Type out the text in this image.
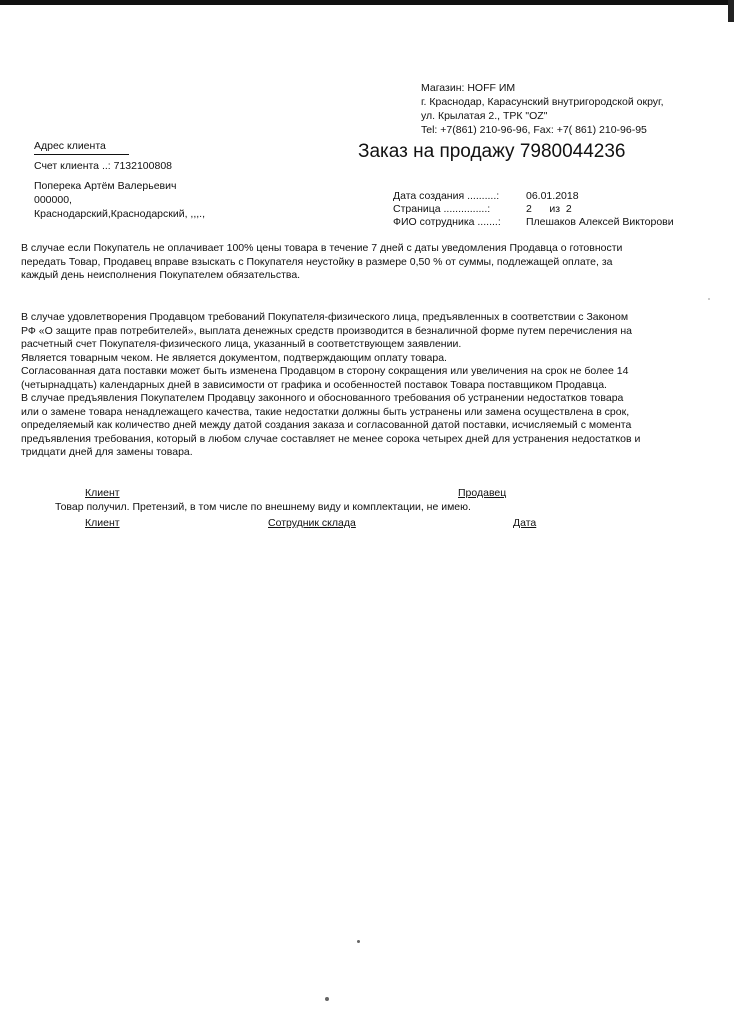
Магазин: HOFF ИМ
г. Краснодар, Карасунский внутригородской округ,
ул. Крылатая 2., ТРК "OZ"
Tel: +7(861) 210-96-96, Fax: +7( 861) 210-96-95
Адрес клиента	Заказ на продажу 7980044236
Счет клиента ..: 7132100808
Поперека Артём Валерьевич
000000,
Краснодарский,Краснодарский, ,,,.,
Дата создания ..........:	06.01.2018
Страница ...............:	2      из  2
ФИО сотрудника .......:	Плешаков Алексей Викторови
В случае если Покупатель не оплачивает 100% цены товара в течение 7 дней с даты уведомления Продавца о готовности
передать Товар, Продавец вправе взыскать с Покупателя неустойку в размере 0,50 % от суммы, подлежащей оплате, за
каждый день неисполнения Покупателем обязательства.
В случае удовлетворения Продавцом требований Покупателя-физического лица, предъявленных в соответствии с Законом
РФ «О защите прав потребителей», выплата денежных средств производится в безналичной форме путем перечисления на
расчетный счет Покупателя-физического лица, указанный в соответствующем заявлении.
Является товарным чеком. Не является документом, подтверждающим оплату товара.
Согласованная дата поставки может быть изменена Продавцом в сторону сокращения или увеличения на срок не более 14
(четырнадцать) календарных дней в зависимости от графика и особенностей поставок Товара поставщиком Продавца.
В случае предъявления Покупателем Продавцу законного и обоснованного требования об устранении недостатков товара
или о замене товара ненадлежащего качества, такие недостатки должны быть устранены или замена осуществлена в срок,
определяемый как количество дней между датой создания заказа и согласованной датой поставки, исчисляемый с момента
предъявления требования, который в любом случае составляет не менее сорока четырех дней для устранения недостатков и
тридцати дней для замены товара.
Клиент	Продавец
Товар получил. Претензий, в том числе по внешнему виду и комплектации, не имею.
Клиент	Сотрудник склада	Дата
